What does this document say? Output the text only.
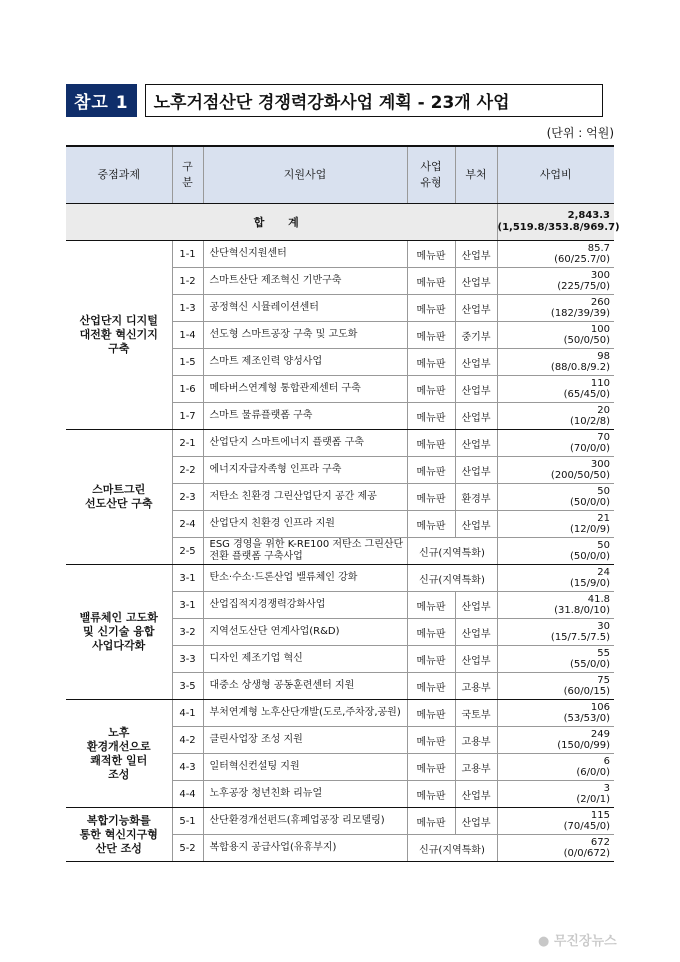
참고 1	노후거점산단 경쟁력강화사업 계획 - 23개 사업
(단위 : 억원)
중점과제	구
분	지원사업	사업
유형	부처	사업비
합 계					2,843.3
(1,519.8/353.8/969.7)

산업단지 디지털
대전환 혁신기지
구축	1-1	산단혁신지원센터	메뉴판	산업부	85.7
(60/25.7/0)

	1-2	스마트산단 제조혁신 기반구축	메뉴판	산업부	300
(225/75/0)

	1-3	공정혁신 시뮬레이션센터	메뉴판	산업부	260
(182/39/39)

	1-4	선도형 스마트공장 구축 및 고도화	메뉴판	중기부	100
(50/0/50)

	1-5	스마트 제조인력 양성사업	메뉴판	산업부	98
(88/0.8/9.2)

	1-6	메타버스연계형 통합관제센터 구축	메뉴판	산업부	110
(65/45/0)

	1-7	스마트 물류플랫폼 구축	메뉴판	산업부	20
(10/2/8)

스마트그린
선도산단 구축	2-1	산업단지 스마트에너지 플랫폼 구축	메뉴판	산업부	70
(70/0/0)

	2-2	에너지자급자족형 인프라 구축	메뉴판	산업부	300
(200/50/50)

	2-3	저탄소 친환경 그린산업단지 공간 제공	메뉴판	환경부	50
(50/0/0)

	2-4	산업단지 친환경 인프라 지원	메뉴판	산업부	21
(12/0/9)

	2-5	ESG 경영을 위한 K-RE100 저탄소 그린산단 전환 플랫폼 구축사업	신규(지역특화)		50
(50/0/0)

밸류체인 고도화
및 신기술 융합
사업다각화	3-1	탄소·수소·드론산업 밸류체인 강화	신규(지역특화)		24
(15/9/0)

	3-1	산업집적지경쟁력강화사업	메뉴판	산업부	41.8
(31.8/0/10)

	3-2	지역선도산단 연계사업(R&D)	메뉴판	산업부	30
(15/7.5/7.5)

	3-3	디자인 제조기업 혁신	메뉴판	산업부	55
(55/0/0)

	3-5	대중소 상생형 공동훈련센터 지원	메뉴판	고용부	75
(60/0/15)

노후
환경개선으로
쾌적한 일터
조성	4-1	부처연계형 노후산단개발(도로,주차장,공원)	메뉴판	국토부	106
(53/53/0)

	4-2	클린사업장 조성 지원	메뉴판	고용부	249
(150/0/99)

	4-3	일터혁신컨설팅 지원	메뉴판	고용부	6
(6/0/0)

	4-4	노후공장 청년친화 리뉴얼	메뉴판	산업부	3
(2/0/1)

복합기능화를
통한 혁신지구형
산단 조성	5-1	산단환경개선펀드(휴폐업공장 리모델링)	메뉴판	산업부	115
(70/45/0)

	5-2	복합용지 공급사업(유휴부지)	신규(지역특화)		672
(0/0/672)
● 무진장뉴스
